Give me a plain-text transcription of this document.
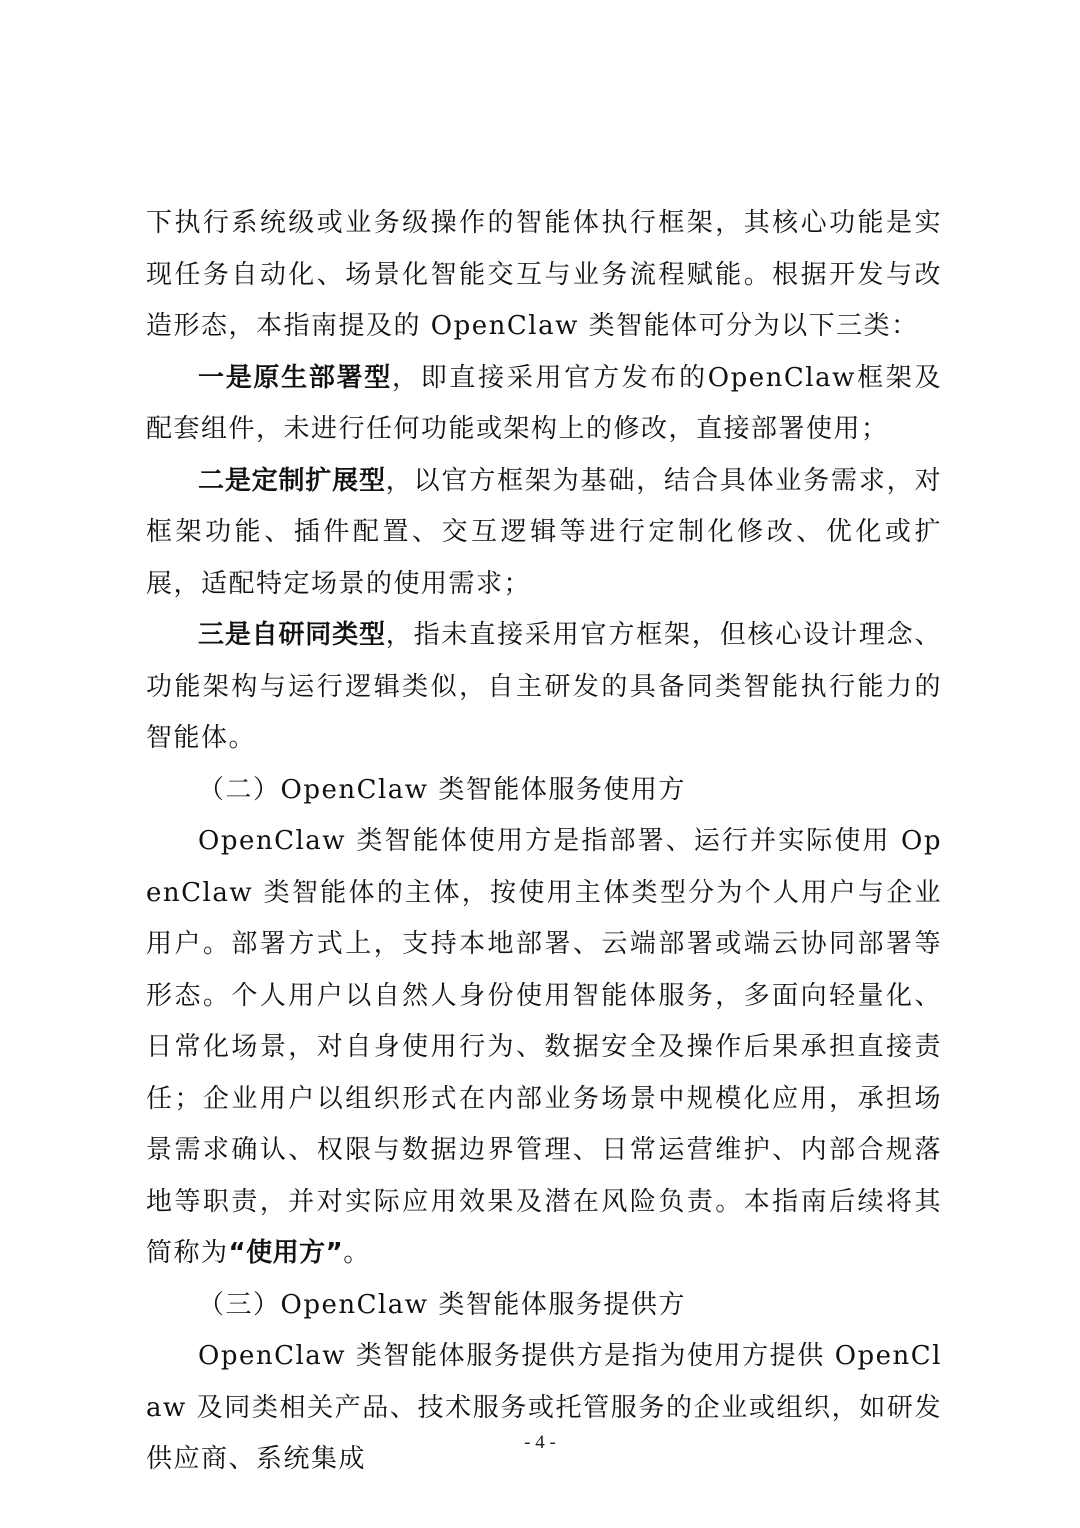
下执行系统级或业务级操作的智能体执行框架，其核心功能是实现任务自动化、场景化智能交互与业务流程赋能。根据开发与改造形态，本指南提及的 OpenClaw 类智能体可分为以下三类：

一是原生部署型，即直接采用官方发布的OpenClaw框架及配套组件，未进行任何功能或架构上的修改，直接部署使用；

二是定制扩展型，以官方框架为基础，结合具体业务需求，对框架功能、插件配置、交互逻辑等进行定制化修改、优化或扩展，适配特定场景的使用需求；

三是自研同类型，指未直接采用官方框架，但核心设计理念、功能架构与运行逻辑类似，自主研发的具备同类智能执行能力的智能体。

（二）OpenClaw 类智能体服务使用方

OpenClaw 类智能体使用方是指部署、运行并实际使用 OpenClaw 类智能体的主体，按使用主体类型分为个人用户与企业用户。部署方式上，支持本地部署、云端部署或端云协同部署等形态。个人用户以自然人身份使用智能体服务，多面向轻量化、日常化场景，对自身使用行为、数据安全及操作后果承担直接责任；企业用户以组织形式在内部业务场景中规模化应用，承担场景需求确认、权限与数据边界管理、日常运营维护、内部合规落地等职责，并对实际应用效果及潜在风险负责。本指南后续将其简称为“使用方”。

（三）OpenClaw 类智能体服务提供方

OpenClaw 类智能体服务提供方是指为使用方提供 OpenClaw 及同类相关产品、技术服务或托管服务的企业或组织，如研发供应商、系统集成

- 4 -
